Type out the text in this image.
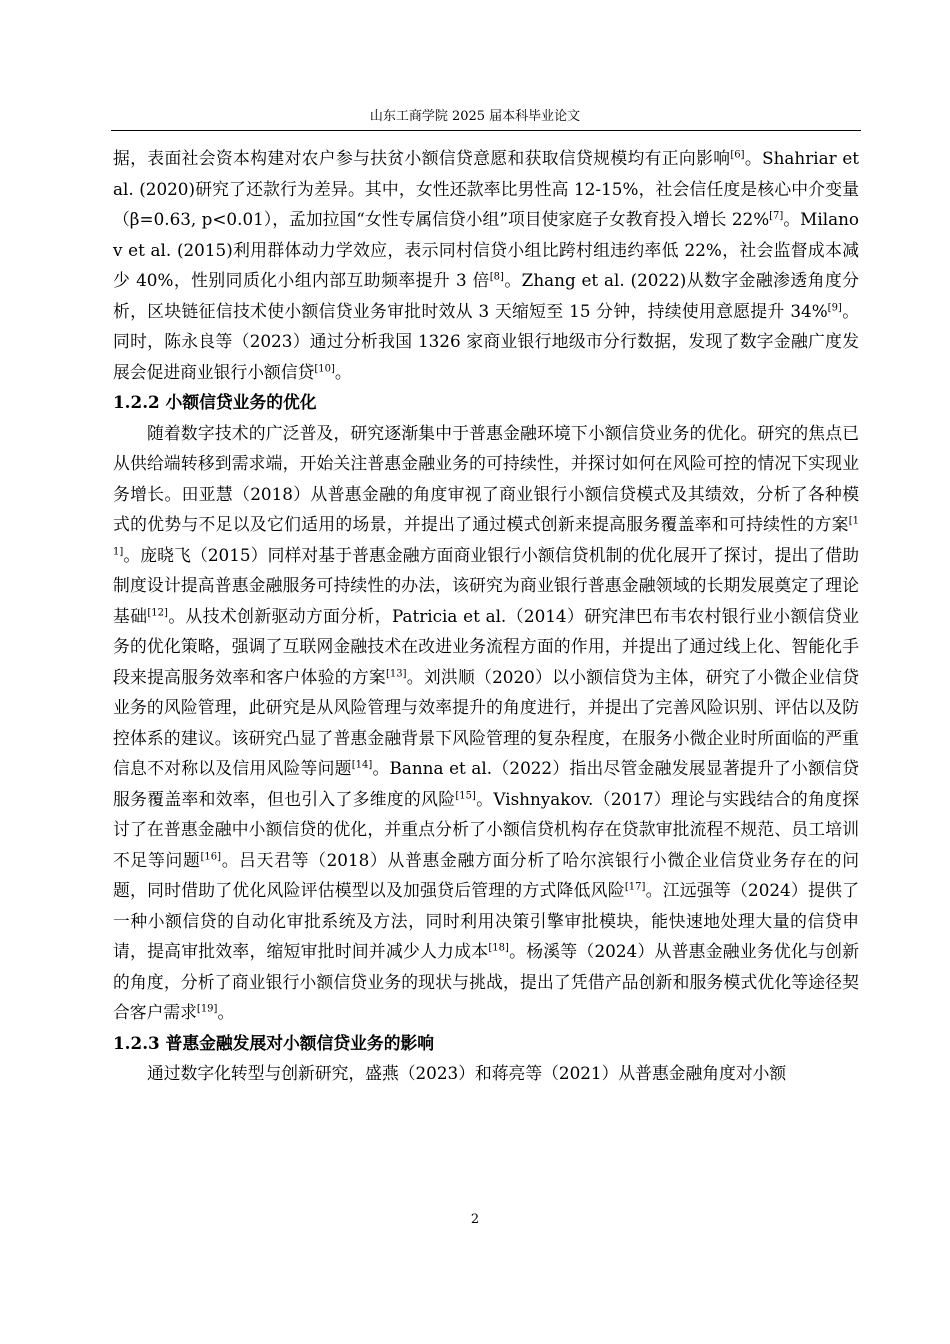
山东工商学院 2025 届本科毕业论文

据，表面社会资本构建对农户参与扶贫小额信贷意愿和获取信贷规模均有正向影响[6]。Shahriar et al. (2020)研究了还款行为差异。其中，女性还款率比男性高 12-15%，社会信任度是核心中介变量（β=0.63, p<0.01），孟加拉国“女性专属信贷小组”项目使家庭子女教育投入增长 22%[7]。Milanov et al. (2015)利用群体动力学效应，表示同村信贷小组比跨村组违约率低 22%，社会监督成本减少 40%，性别同质化小组内部互助频率提升 3 倍[8]。Zhang et al. (2022)从数字金融渗透角度分析，区块链征信技术使小额信贷业务审批时效从 3 天缩短至 15 分钟，持续使用意愿提升 34%[9]。同时，陈永良等（2023）通过分析我国 1326 家商业银行地级市分行数据，发现了数字金融广度发展会促进商业银行小额信贷[10]。

1.2.2 小额信贷业务的优化

随着数字技术的广泛普及，研究逐渐集中于普惠金融环境下小额信贷业务的优化。研究的焦点已从供给端转移到需求端，开始关注普惠金融业务的可持续性，并探讨如何在风险可控的情况下实现业务增长。田亚慧（2018）从普惠金融的角度审视了商业银行小额信贷模式及其绩效，分析了各种模式的优势与不足以及它们适用的场景，并提出了通过模式创新来提高服务覆盖率和可持续性的方案[11]。庞晓飞（2015）同样对基于普惠金融方面商业银行小额信贷机制的优化展开了探讨，提出了借助制度设计提高普惠金融服务可持续性的办法，该研究为商业银行普惠金融领域的长期发展奠定了理论基础[12]。从技术创新驱动方面分析，Patricia et al.（2014）研究津巴布韦农村银行业小额信贷业务的优化策略，强调了互联网金融技术在改进业务流程方面的作用，并提出了通过线上化、智能化手段来提高服务效率和客户体验的方案[13]。刘洪顺（2020）以小额信贷为主体，研究了小微企业信贷业务的风险管理，此研究是从风险管理与效率提升的角度进行，并提出了完善风险识别、评估以及防控体系的建议。该研究凸显了普惠金融背景下风险管理的复杂程度，在服务小微企业时所面临的严重信息不对称以及信用风险等问题[14]。Banna et al.（2022）指出尽管金融发展显著提升了小额信贷服务覆盖率和效率，但也引入了多维度的风险[15]。Vishnyakov.（2017）理论与实践结合的角度探讨了在普惠金融中小额信贷的优化，并重点分析了小额信贷机构存在贷款审批流程不规范、员工培训不足等问题[16]。吕天君等（2018）从普惠金融方面分析了哈尔滨银行小微企业信贷业务存在的问题，同时借助了优化风险评估模型以及加强贷后管理的方式降低风险[17]。江远强等（2024）提供了一种小额信贷的自动化审批系统及方法，同时利用决策引擎审批模块，能快速地处理大量的信贷申请，提高审批效率，缩短审批时间并减少人力成本[18]。杨溪等（2024）从普惠金融业务优化与创新的角度，分析了商业银行小额信贷业务的现状与挑战，提出了凭借产品创新和服务模式优化等途径契合客户需求[19]。

1.2.3 普惠金融发展对小额信贷业务的影响

通过数字化转型与创新研究，盛燕（2023）和蒋亮等（2021）从普惠金融角度对小额

2
